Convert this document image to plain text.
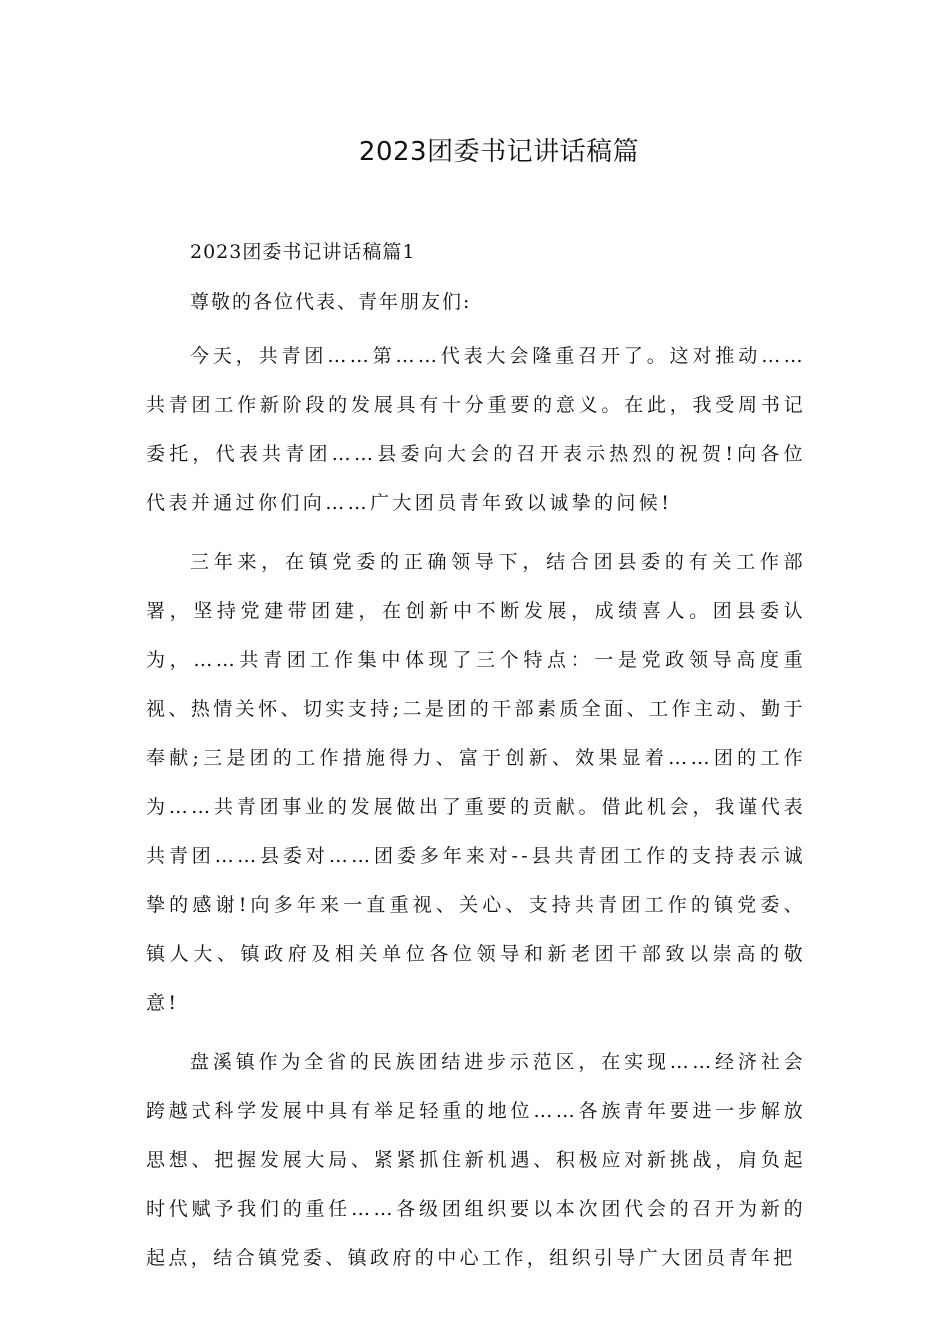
2023团委书记讲话稿篇

2023团委书记讲话稿篇1

尊敬的各位代表、青年朋友们:

今天，共青团……第……代表大会隆重召开了。这对推动……共青团工作新阶段的发展具有十分重要的意义。在此，我受周书记委托，代表共青团……县委向大会的召开表示热烈的祝贺!向各位代表并通过你们向……广大团员青年致以诚挚的问候!

三年来，在镇党委的正确领导下，结合团县委的有关工作部署，坚持党建带团建，在创新中不断发展，成绩喜人。团县委认为，……共青团工作集中体现了三个特点：一是党政领导高度重视、热情关怀、切实支持;二是团的干部素质全面、工作主动、勤于奉献;三是团的工作措施得力、富于创新、效果显着……团的工作为……共青团事业的发展做出了重要的贡献。借此机会，我谨代表共青团……县委对……团委多年来对--县共青团工作的支持表示诚挚的感谢!向多年来一直重视、关心、支持共青团工作的镇党委、镇人大、镇政府及相关单位各位领导和新老团干部致以崇高的敬意!

盘溪镇作为全省的民族团结进步示范区，在实现……经济社会跨越式科学发展中具有举足轻重的地位……各族青年要进一步解放思想、把握发展大局、紧紧抓住新机遇、积极应对新挑战，肩负起时代赋予我们的重任……各级团组织要以本次团代会的召开为新的起点，结合镇党委、镇政府的中心工作，组织引导广大团员青年把
